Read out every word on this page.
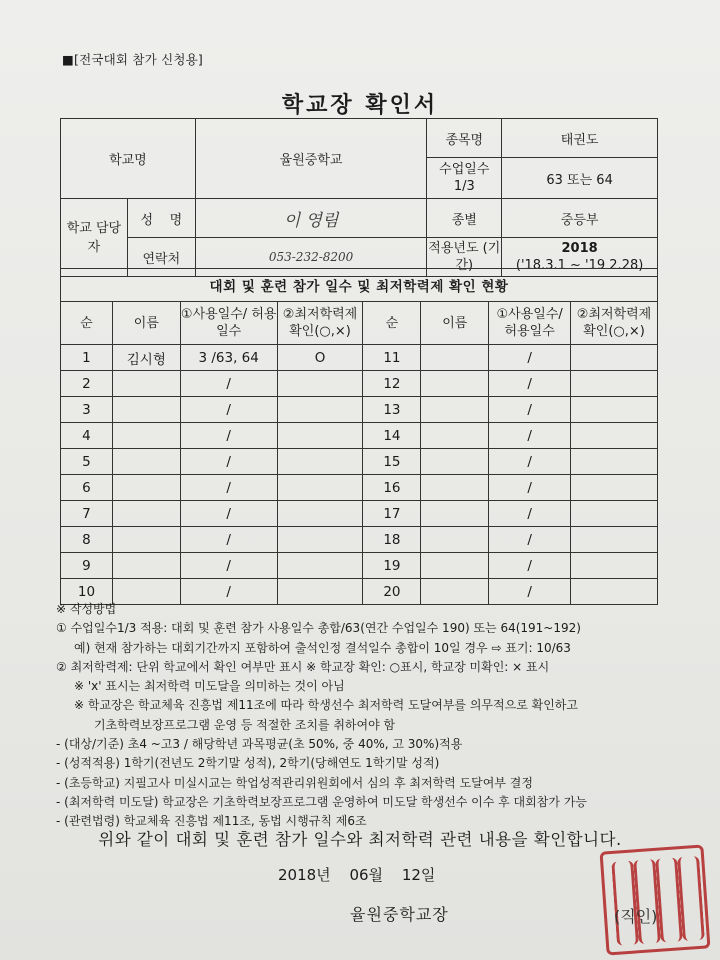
■[전국대회 참가 신청용]
학교장 확인서
학교명		율원중학교	종목명	태권도
			수업일수 1/3	63 또는 64
학교 담당자	성    명	이 영림	종별	중등부
	연락처	053-232-8200	적용년도 (기간)	2018
('18.3.1 ~ '19 2.28)
대회 및 훈련 참가 일수 및 최저학력제 확인 현황							
순	이름	①사용일수/ 허용일수	②최저학력제 확인(○,×)	순	이름	①사용일수/ 허용일수	②최저학력제 확인(○,×)
1	김시형	3 /63, 64	O	11		/	
2		/		12		/	
3		/		13		/	
4		/		14		/	
5		/		15		/	
6		/		16		/	
7		/		17		/	
8		/		18		/	
9		/		19		/	
10		/		20		/	
※ 작성방법
① 수업일수1/3 적용: 대회 및 훈련 참가 사용일수 총합/63(연간 수업일수 190) 또는 64(191~192)
예) 현재 참가하는 대회기간까지 포함하여 출석인정 결석일수 총합이 10일 경우 ⇨ 표기: 10/63
② 최저학력제: 단위 학교에서 확인 여부만 표시 ※ 학교장 확인: ○표시, 학교장 미확인: × 표시
※ 'x' 표시는 최저학력 미도달을 의미하는 것이 아님
※ 학교장은 학교체육 진흥법 제11조에 따라 학생선수 최저학력 도달여부를 의무적으로 확인하고
기초학력보장프로그램 운영 등 적절한 조치를 취하여야 함
- (대상/기준) 초4 ~고3 / 해당학년 과목평균(초 50%, 중 40%, 고 30%)적용
- (성적적용) 1학기(전년도 2학기말 성적), 2학기(당해연도 1학기말 성적)
- (초등학교) 지필고사 미실시교는 학업성적관리위원회에서 심의 후 최저학력 도달여부 결정
- (최저학력 미도달) 학교장은 기초학력보장프로그램 운영하여 미도달 학생선수 이수 후 대회참가 가능
- (관련법령) 학교체육 진흥법 제11조, 동법 시행규칙 제6조
위와 같이 대회 및 훈련 참가 일수와 최저학력 관련 내용을 확인합니다.
2018년 06월 12일
율원중학교장	(직인)
